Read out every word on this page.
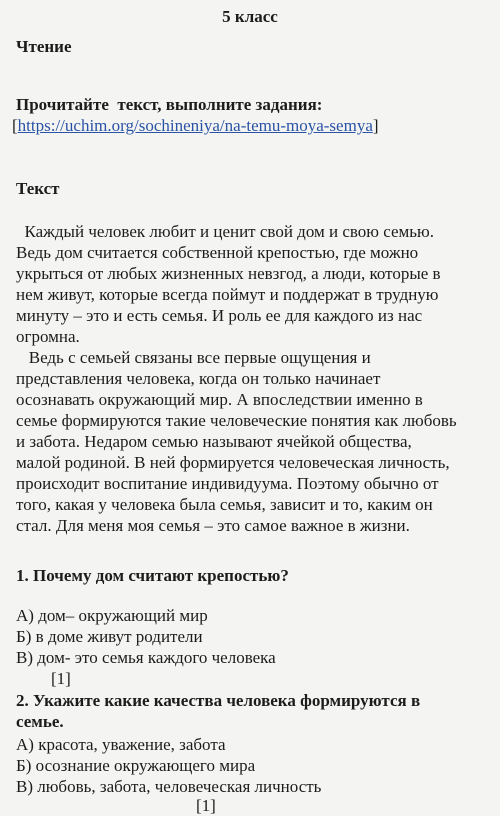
5 класс
Чтение
Прочитайте  текст, выполните задания:
[https://uchim.org/sochineniya/na-temu-moya-semya]
Текст
Каждый человек любит и ценит свой дом и свою семью.
Ведь дом считается собственной крепостью, где можно
укрыться от любых жизненных невзгод, а люди, которые в
нем живут, которые всегда поймут и поддержат в трудную
минуту – это и есть семья. И роль ее для каждого из нас
огромна.
Ведь с семьей связаны все первые ощущения и
представления человека, когда он только начинает
осознавать окружающий мир. А впоследствии именно в
семье формируются такие человеческие понятия как любовь
и забота. Недаром семью называют ячейкой общества,
малой родиной. В ней формируется человеческая личность,
происходит воспитание индивидуума. Поэтому обычно от
того, какая у человека была семья, зависит и то, каким он
стал. Для меня моя семья – это самое важное в жизни.
1. Почему дом считают крепостью?
А) дом– окружающий мир
Б) в доме живут родители
В) дом- это семья каждого человека
[1]
2. Укажите какие качества человека формируются в
семье.
А) красота, уважение, забота
Б) осознание окружающего мира
В) любовь, забота, человеческая личность
[1]
